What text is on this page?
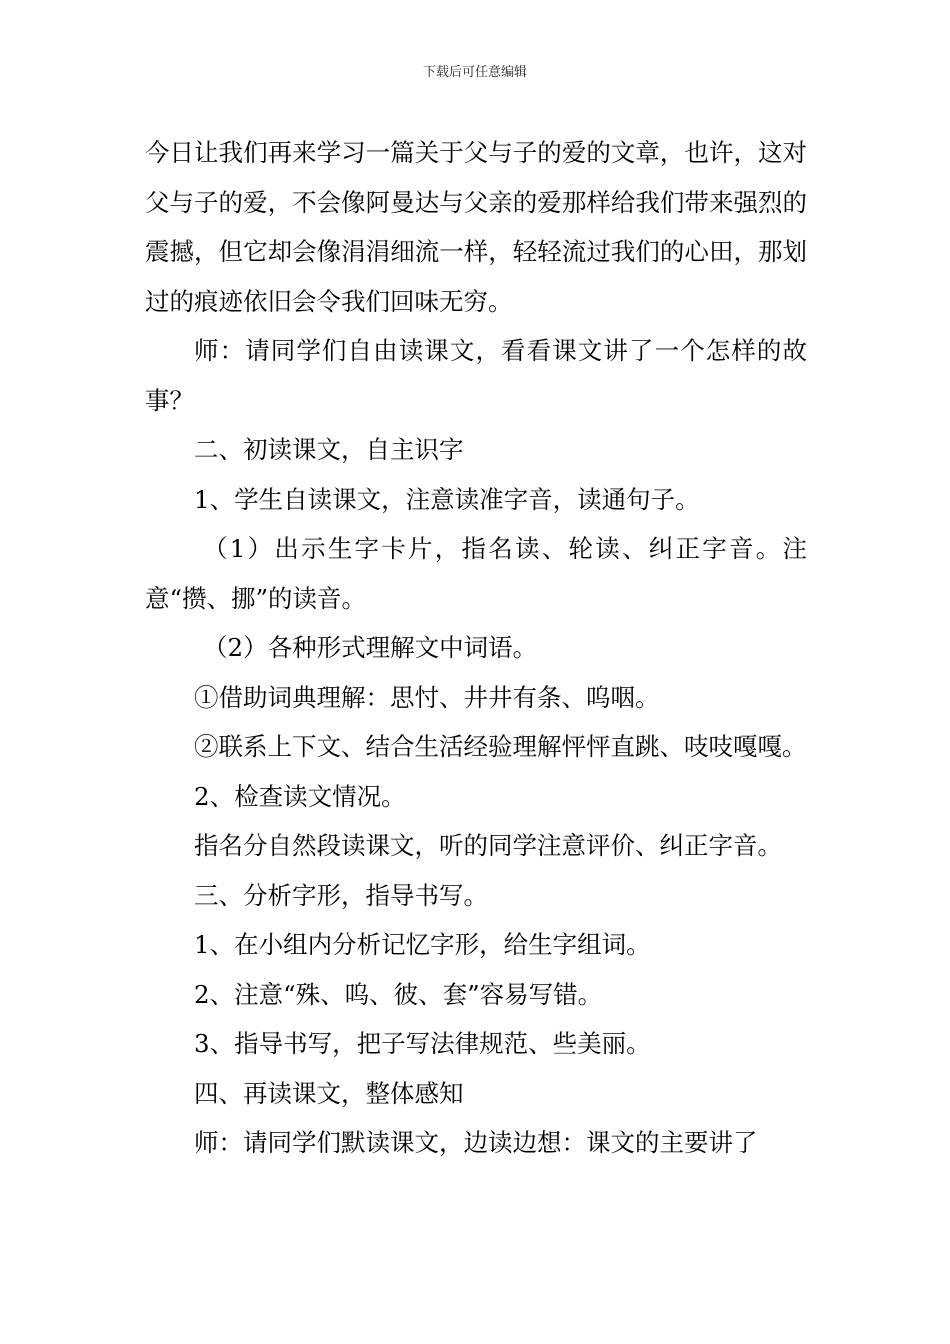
下载后可任意编辑

今日让我们再来学习一篇关于父与子的爱的文章，也许，这对父与子的爱，不会像阿曼达与父亲的爱那样给我们带来强烈的震撼，但它却会像涓涓细流一样，轻轻流过我们的心田，那划过的痕迹依旧会令我们回味无穷。

师：请同学们自由读课文，看看课文讲了一个怎样的故事？

二、初读课文，自主识字

1、学生自读课文，注意读准字音，读通句子。

（1）出示生字卡片，指名读、轮读、纠正字音。注意“攒、挪”的读音。

（2）各种形式理解文中词语。

①借助词典理解：思忖、井井有条、呜咽。

②联系上下文、结合生活经验理解怦怦直跳、吱吱嘎嘎。

2、检查读文情况。

指名分自然段读课文，听的同学注意评价、纠正字音。

三、分析字形，指导书写。

1、在小组内分析记忆字形，给生字组词。

2、注意“殊、呜、彼、套”容易写错。

3、指导书写，把子写法律规范、些美丽。

四、再读课文，整体感知

师：请同学们默读课文，边读边想：课文的主要讲了
